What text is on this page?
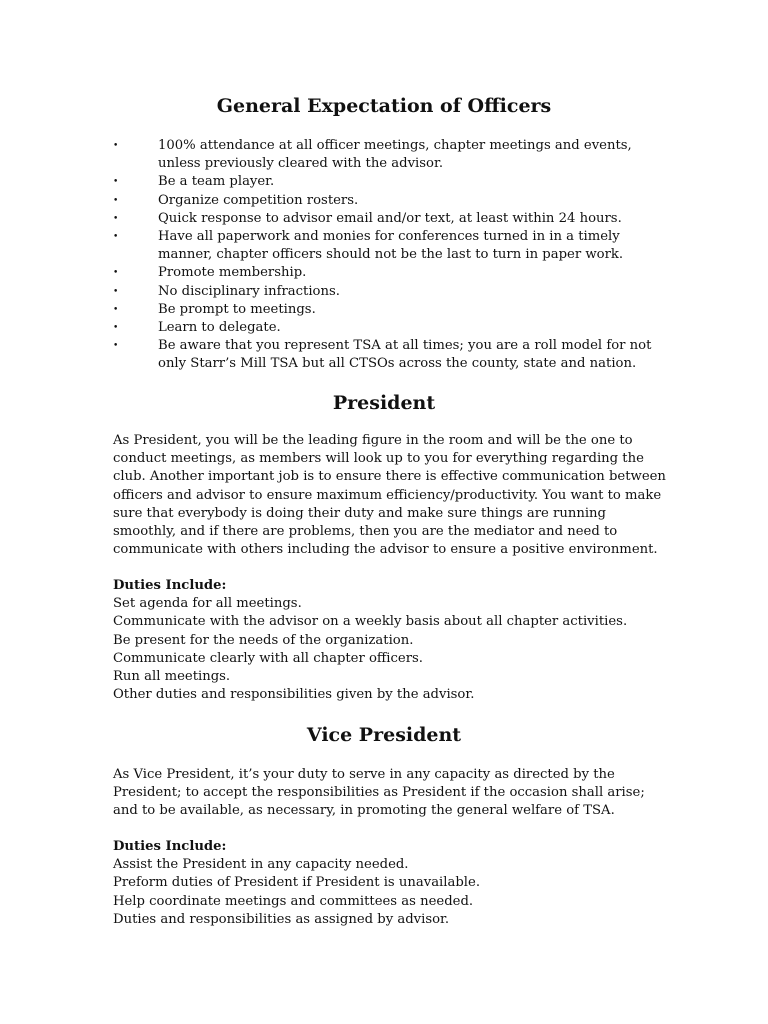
General Expectation of Officers
•	100% attendance at all officer meetings, chapter meetings and events, unless previously cleared with the advisor.
•	Be a team player.
•	Organize competition rosters.
•	Quick response to advisor email and/or text, at least within 24 hours.
•	Have all paperwork and monies for conferences turned in in a timely manner, chapter officers should not be the last to turn in paper work.
•	Promote membership.
•	No disciplinary infractions.
•	Be prompt to meetings.
•	Learn to delegate.
•	Be aware that you represent TSA at all times; you are a roll model for not only Starr’s Mill TSA but all CTSOs across the county, state and nation.
President

As President, you will be the leading figure in the room and will be the one to conduct meetings, as members will look up to you for everything regarding the club. Another important job is to ensure there is effective communication between officers and advisor to ensure maximum efficiency/productivity. You want to make sure that everybody is doing their duty and make sure things are running smoothly, and if there are problems, then you are the mediator and need to communicate with others including the advisor to ensure a positive environment.

Duties Include:
Set agenda for all meetings.
Communicate with the advisor on a weekly basis about all chapter activities.
Be present for the needs of the organization.
Communicate clearly with all chapter officers.
Run all meetings.
Other duties and responsibilities given by the advisor.
Vice President

As Vice President, it’s your duty to serve in any capacity as directed by the President; to accept the responsibilities as President if the occasion shall arise; and to be available, as necessary, in promoting the general welfare of TSA.

Duties Include:
Assist the President in any capacity needed.
Preform duties of President if President is unavailable.
Help coordinate meetings and committees as needed.
Duties and responsibilities as assigned by advisor.
